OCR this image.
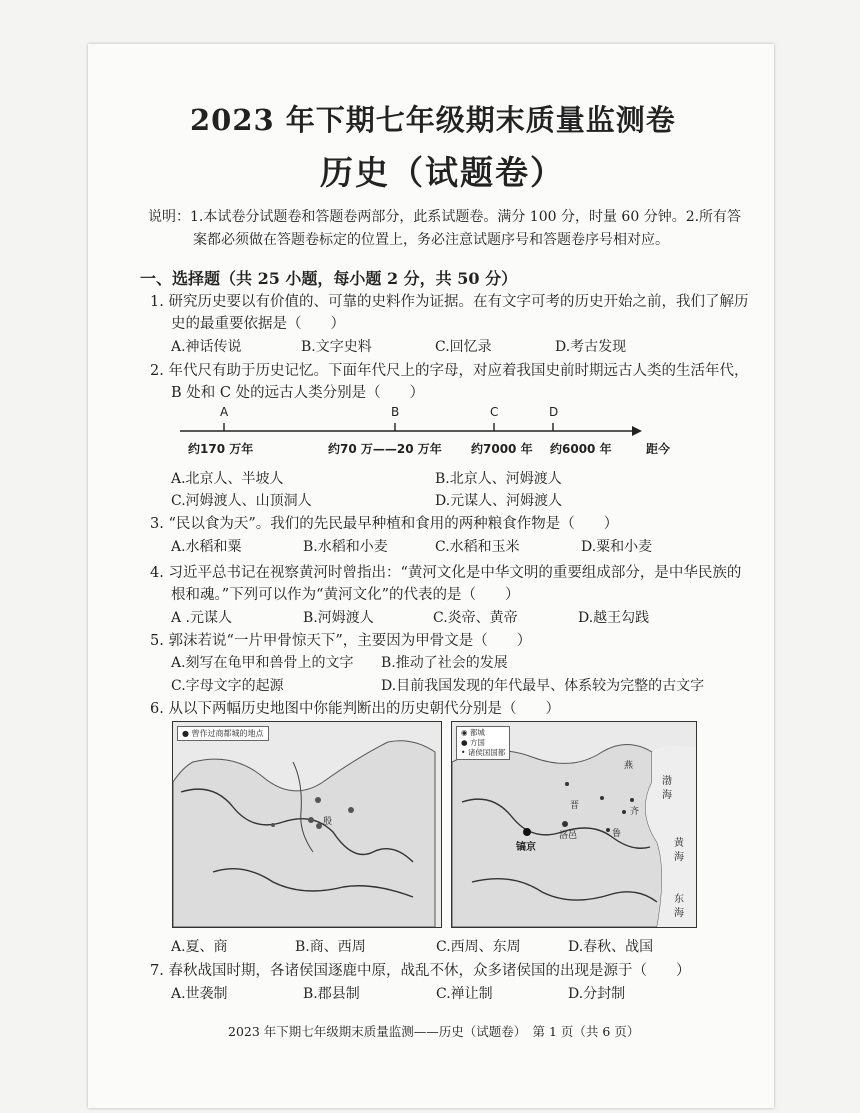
2023 年下期七年级期末质量监测卷
历史（试题卷）
说明：1.本试卷分试题卷和答题卷两部分，此系试题卷。满分 100 分，时量 60 分钟。2.所有答
案都必须做在答题卷标定的位置上，务必注意试题序号和答题卷序号相对应。
一、选择题（共 25 小题，每小题 2 分，共 50 分）
1. 研究历史要以有价值的、可靠的史料作为证据。在有文字可考的历史开始之前，我们了解历
史的最重要依据是（　　）
A.神话传说	B.文字史料	C.回忆录	D.考古发现
2. 年代尺有助于历史记忆。下面年代尺上的字母，对应着我国史前时期远古人类的生活年代，
B 处和 C 处的远古人类分别是（　　）
A	B	C	D
约170 万年	约70 万——20 万年 约7000 年 约6000 年	距今
A.北京人、半坡人	B.北京人、河姆渡人
C.河姆渡人、山顶洞人	D.元谋人、河姆渡人
3. “民以食为天”。我们的先民最早种植和食用的两种粮食作物是（　　）
A.水稻和粟	B.水稻和小麦	C.水稻和玉米	D.粟和小麦
4. 习近平总书记在视察黄河时曾指出：“黄河文化是中华文明的重要组成部分，是中华民族的
根和魂。”下列可以作为“黄河文化”的代表的是（　　）
A .元谋人	B.河姆渡人	C.炎帝、黄帝	D.越王勾践
5. 郭沫若说“一片甲骨惊天下”，主要因为甲骨文是（　　）
A.刻写在龟甲和兽骨上的文字 B.推动了社会的发展
C.字母文字的起源	D.目前我国发现的年代最早、体系较为完整的古文字
6. 从以下两幅历史地图中你能判断出的历史朝代分别是（　　）
● 曾作过商都城的地点
殷
◉ 都城
● 方国
• 诸侯国国都
镐京
洛邑
燕
齐
鲁
晋
渤
海
黄
海
东
海
A.夏、商	B.商、西周	C.西周、东周	D.春秋、战国
7. 春秋战国时期，各诸侯国逐鹿中原，战乱不休，众多诸侯国的出现是源于（　　）
A.世袭制	B.郡县制	C.禅让制	D.分封制
2023 年下期七年级期末质量监测——历史（试题卷）　第 1 页（共 6 页）
